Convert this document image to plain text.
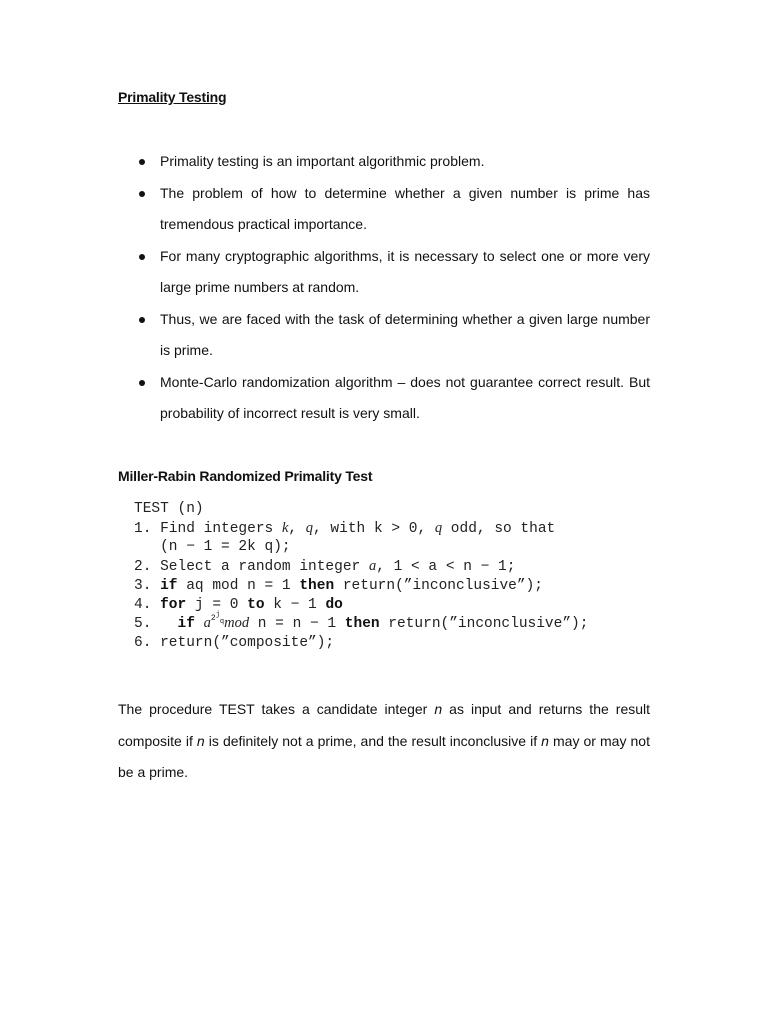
Primality Testing
Primality testing is an important algorithmic problem.
The problem of how to determine whether a given number is prime has tremendous practical importance.
For many cryptographic algorithms, it is necessary to select one or more very large prime numbers at random.
Thus, we are faced with the task of determining whether a given large number is prime.
Monte-Carlo randomization algorithm – does not guarantee correct result. But probability of incorrect result is very small.
Miller-Rabin Randomized Primality Test
TEST (n)
1. Find integers k, q, with k > 0, q odd, so that
(n − 1 = 2k q);
2. Select a random integer a, 1 < a < n − 1;
3. if aq mod n = 1 then return(”inconclusive”);
4. for j = 0 to k − 1 do
5.   if $a^{2jq}mod$ n = n − 1 then return(”inconclusive”);
6. return(”composite”);
The procedure TEST takes a candidate integer n as input and returns the result composite if n is definitely not a prime, and the result inconclusive if n may or may not be a prime.
